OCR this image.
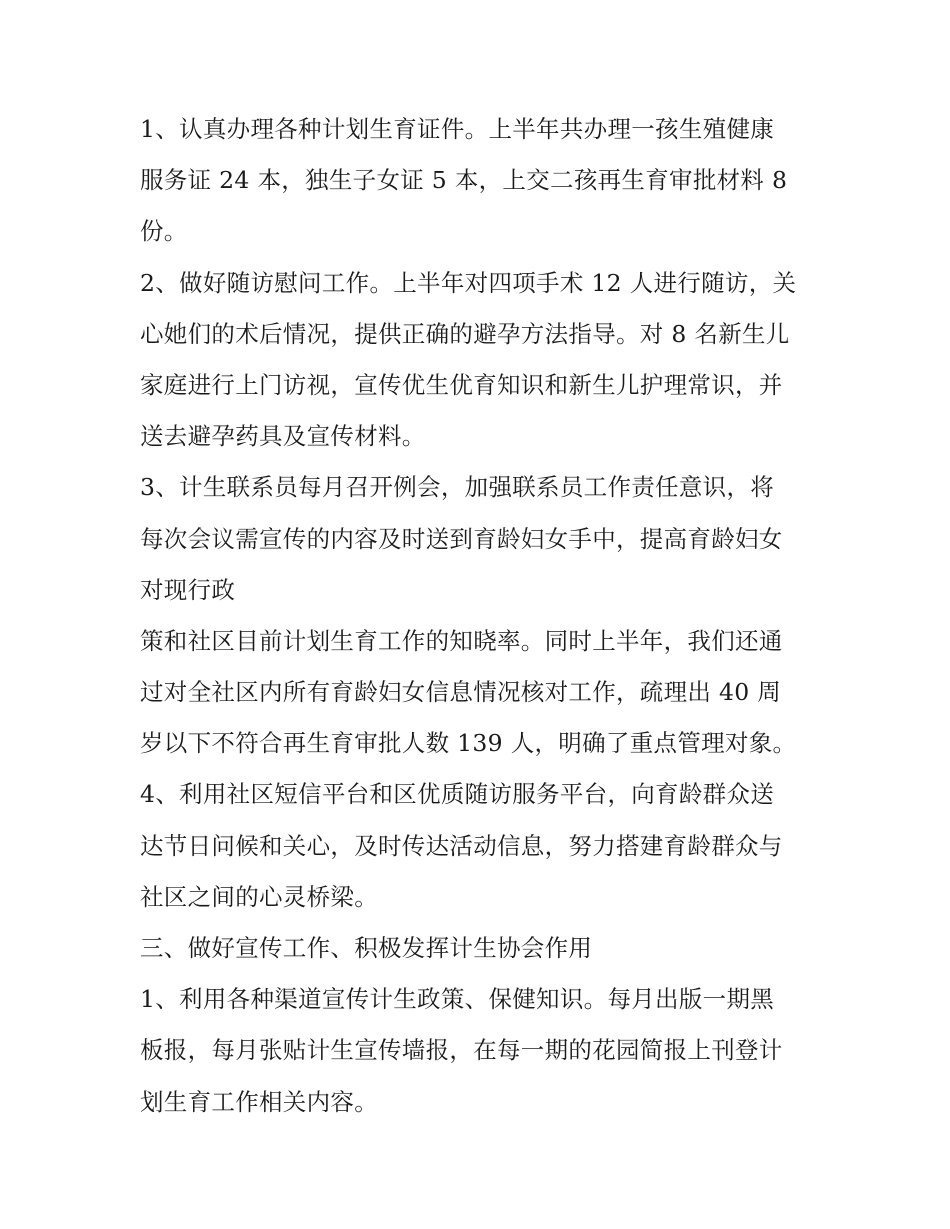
1、认真办理各种计划生育证件。上半年共办理一孩生殖健康
服务证 24 本，独生子女证 5 本，上交二孩再生育审批材料 8
份。
2、做好随访慰问工作。上半年对四项手术 12 人进行随访，关
心她们的术后情况，提供正确的避孕方法指导。对 8 名新生儿
家庭进行上门访视，宣传优生优育知识和新生儿护理常识，并
送去避孕药具及宣传材料。
3、计生联系员每月召开例会，加强联系员工作责任意识，将
每次会议需宣传的内容及时送到育龄妇女手中，提高育龄妇女
对现行政
策和社区目前计划生育工作的知晓率。同时上半年，我们还通
过对全社区内所有育龄妇女信息情况核对工作，疏理出 40 周
岁以下不符合再生育审批人数 139 人，明确了重点管理对象。
4、利用社区短信平台和区优质随访服务平台，向育龄群众送
达节日问候和关心，及时传达活动信息，努力搭建育龄群众与
社区之间的心灵桥梁。
三、做好宣传工作、积极发挥计生协会作用
1、利用各种渠道宣传计生政策、保健知识。每月出版一期黑
板报，每月张贴计生宣传墙报，在每一期的花园简报上刊登计
划生育工作相关内容。
